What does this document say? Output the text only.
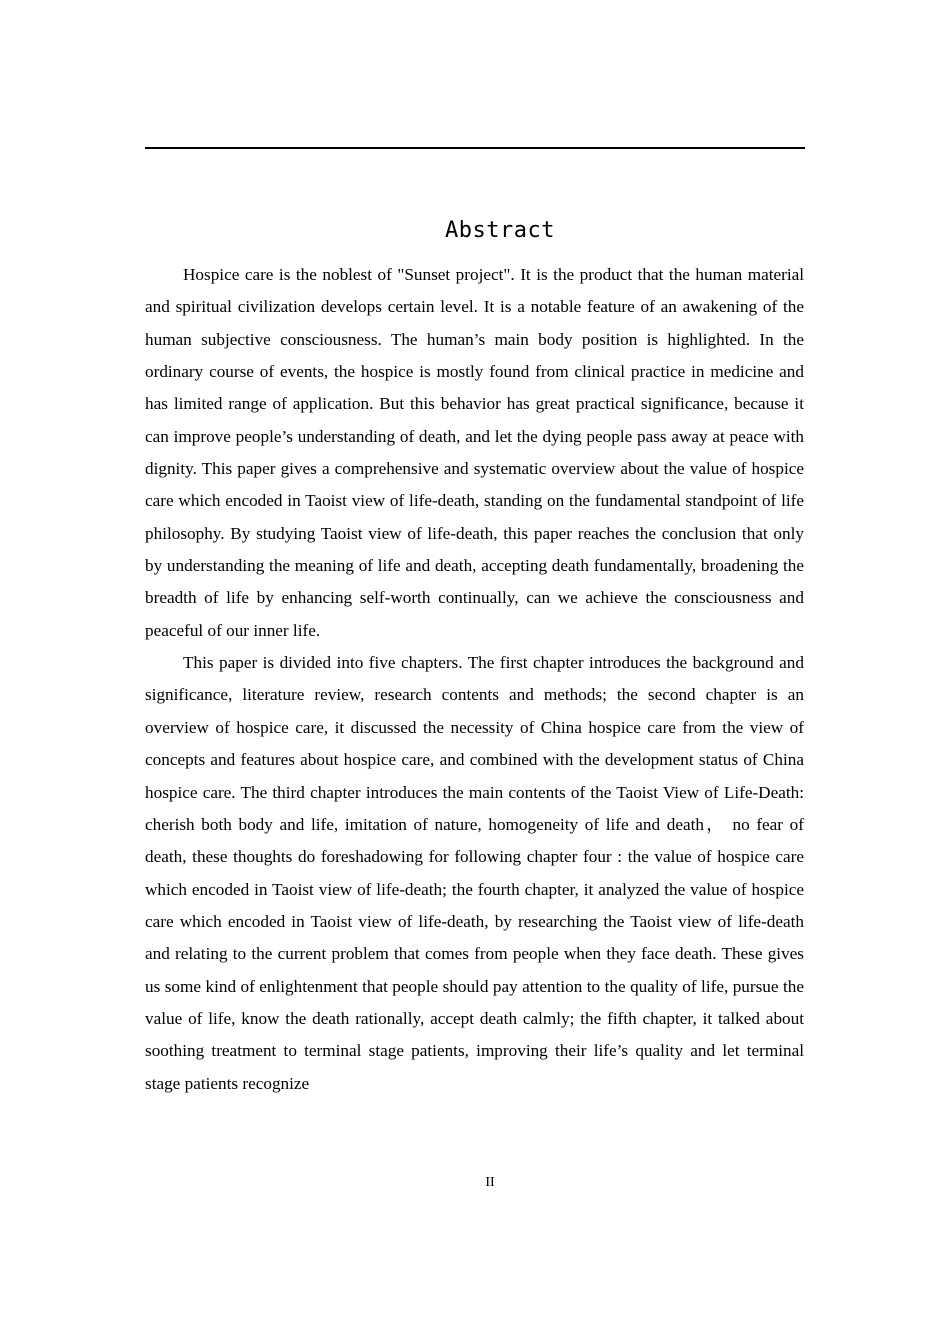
Abstract

Hospice care is the noblest of "Sunset project". It is the product that the human material and spiritual civilization develops certain level. It is a notable feature of an awakening of the human subjective consciousness. The human’s main body position is highlighted. In the ordinary course of events, the hospice is mostly found from clinical practice in medicine and has limited range of application. But this behavior has great practical significance, because it can improve people’s understanding of death, and let the dying people pass away at peace with dignity. This paper gives a comprehensive and systematic overview about the value of hospice care which encoded in Taoist view of life-death, standing on the fundamental standpoint of life philosophy. By studying Taoist view of life-death, this paper reaches the conclusion that only by understanding the meaning of life and death, accepting death fundamentally, broadening the breadth of life by enhancing self-worth continually, can we achieve the consciousness and peaceful of our inner life.

This paper is divided into five chapters. The first chapter introduces the background and significance, literature review, research contents and methods; the second chapter is an overview of hospice care, it discussed the necessity of China hospice care from the view of concepts and features about hospice care, and combined with the development status of China hospice care. The third chapter introduces the main contents of the Taoist View of Life-Death: cherish both body and life, imitation of nature, homogeneity of life and death， no fear of death, these thoughts do foreshadowing for following chapter four : the value of hospice care which encoded in Taoist view of life-death; the fourth chapter, it analyzed the value of hospice care which encoded in Taoist view of life-death, by researching the Taoist view of life-death and relating to the current problem that comes from people when they face death. These gives us some kind of enlightenment that people should pay attention to the quality of life, pursue the value of life, know the death rationally, accept death calmly; the fifth chapter, it talked about soothing treatment to terminal stage patients, improving their life’s quality and let terminal stage patients recognize

II
